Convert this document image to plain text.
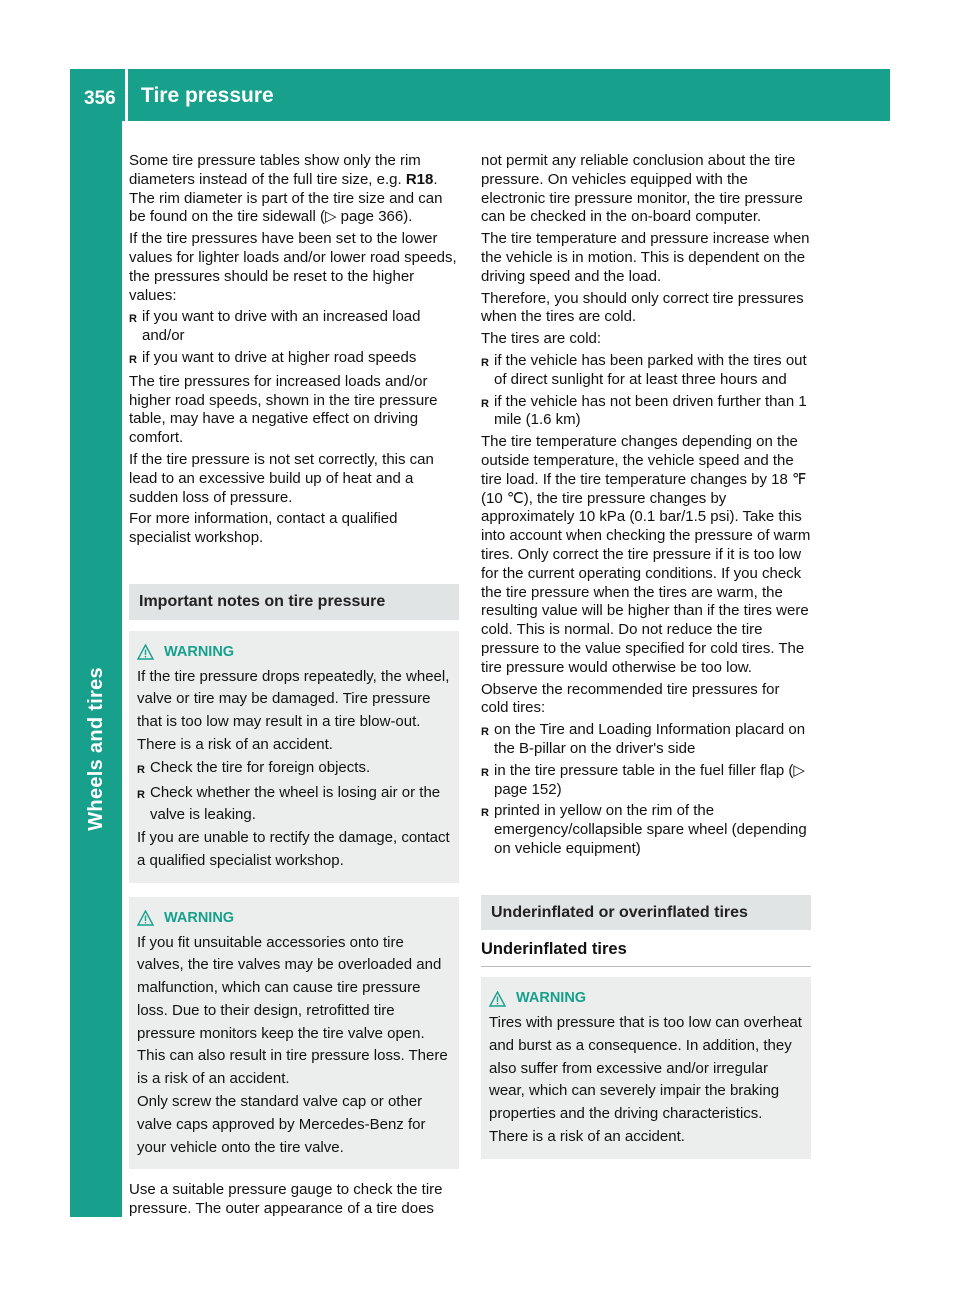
356 Tire pressure
Wheels and tires

Some tire pressure tables show only the rim diameters instead of the full tire size, e.g. R18. The rim diameter is part of the tire size and can be found on the tire sidewall (▷ page 366).

If the tire pressures have been set to the lower values for lighter loads and/or lower road speeds, the pressures should be reset to the higher values:

R if you want to drive with an increased load and/or
R if you want to drive at higher road speeds

The tire pressures for increased loads and/or higher road speeds, shown in the tire pressure table, may have a negative effect on driving comfort.

If the tire pressure is not set correctly, this can lead to an excessive build up of heat and a sudden loss of pressure.

For more information, contact a qualified specialist workshop.

Important notes on tire pressure
WARNING

If the tire pressure drops repeatedly, the wheel, valve or tire may be damaged. Tire pressure that is too low may result in a tire blow-out. There is a risk of an accident.

R Check the tire for foreign objects.
R Check whether the wheel is losing air or the valve is leaking.

If you are unable to rectify the damage, contact a qualified specialist workshop.

WARNING

If you fit unsuitable accessories onto tire valves, the tire valves may be overloaded and malfunction, which can cause tire pressure loss. Due to their design, retrofitted tire pressure monitors keep the tire valve open. This can also result in tire pressure loss. There is a risk of an accident.

Only screw the standard valve cap or other valve caps approved by Mercedes-Benz for your vehicle onto the tire valve.

Use a suitable pressure gauge to check the tire pressure. The outer appearance of a tire does

not permit any reliable conclusion about the tire pressure. On vehicles equipped with the electronic tire pressure monitor, the tire pressure can be checked in the on-board computer.

The tire temperature and pressure increase when the vehicle is in motion. This is dependent on the driving speed and the load.

Therefore, you should only correct tire pressures when the tires are cold.

The tires are cold:

R if the vehicle has been parked with the tires out of direct sunlight for at least three hours and
R if the vehicle has not been driven further than 1 mile (1.6 km)

The tire temperature changes depending on the outside temperature, the vehicle speed and the tire load. If the tire temperature changes by 18 ℉ (10 ℃), the tire pressure changes by approximately 10 kPa (0.1 bar/1.5 psi). Take this into account when checking the pressure of warm tires. Only correct the tire pressure if it is too low for the current operating conditions. If you check the tire pressure when the tires are warm, the resulting value will be higher than if the tires were cold. This is normal. Do not reduce the tire pressure to the value specified for cold tires. The tire pressure would otherwise be too low.

Observe the recommended tire pressures for cold tires:

R on the Tire and Loading Information placard on the B-pillar on the driver's side
R in the tire pressure table in the fuel filler flap (▷ page 152)
R printed in yellow on the rim of the emergency/collapsible spare wheel (depending on vehicle equipment)
Underinflated or overinflated tires
Underinflated tires
WARNING

Tires with pressure that is too low can overheat and burst as a consequence. In addition, they also suffer from excessive and/or irregular wear, which can severely impair the braking properties and the driving characteristics. There is a risk of an accident.
